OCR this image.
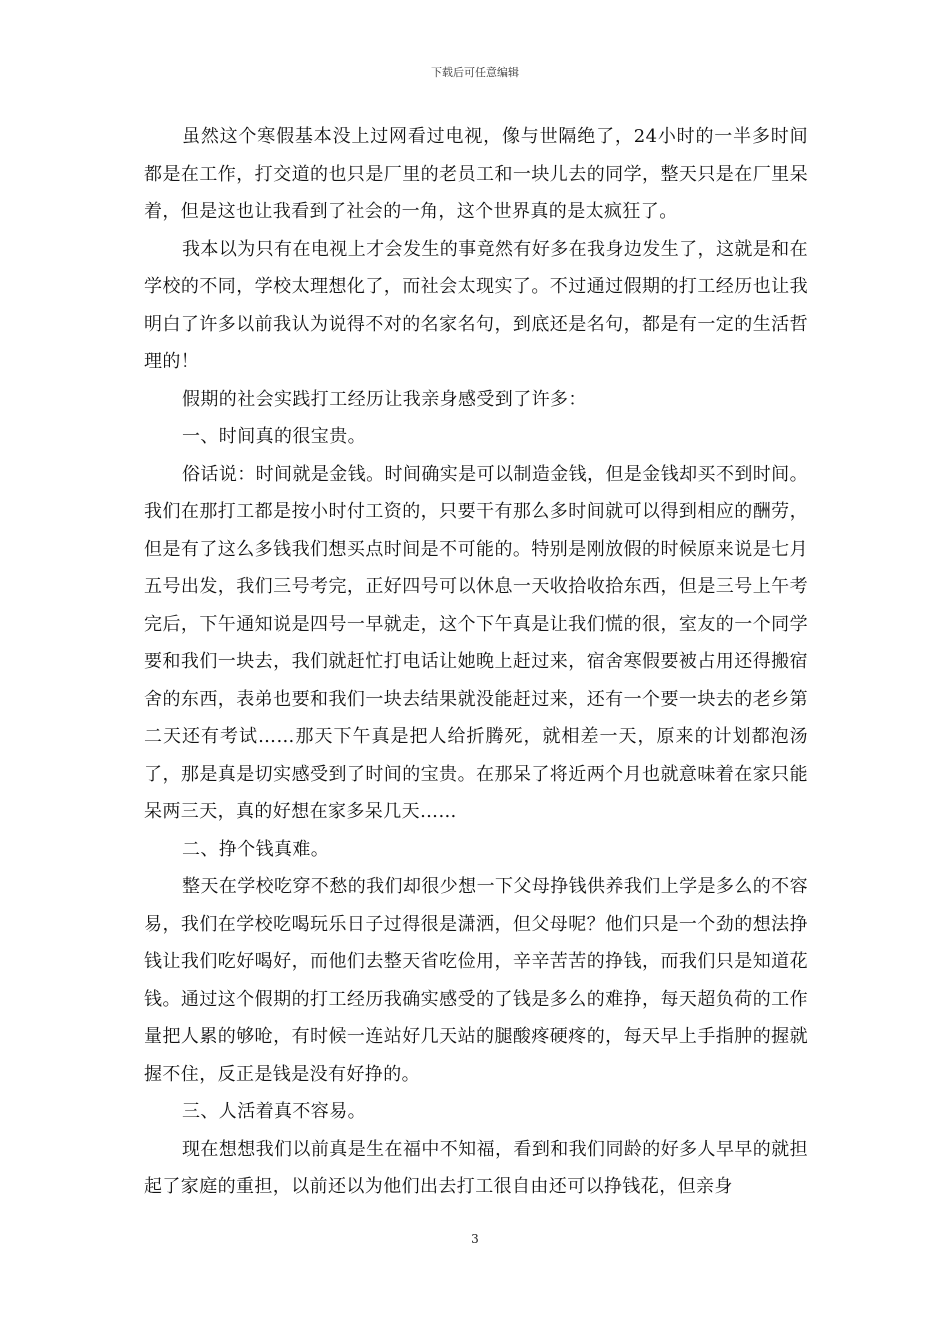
下载后可任意编辑

虽然这个寒假基本没上过网看过电视，像与世隔绝了，24小时的一半多时间都是在工作，打交道的也只是厂里的老员工和一块儿去的同学，整天只是在厂里呆着，但是这也让我看到了社会的一角，这个世界真的是太疯狂了。

我本以为只有在电视上才会发生的事竟然有好多在我身边发生了，这就是和在学校的不同，学校太理想化了，而社会太现实了。不过通过假期的打工经历也让我明白了许多以前我认为说得不对的名家名句，到底还是名句，都是有一定的生活哲理的！

假期的社会实践打工经历让我亲身感受到了许多：

一、时间真的很宝贵。

俗话说：时间就是金钱。时间确实是可以制造金钱，但是金钱却买不到时间。我们在那打工都是按小时付工资的，只要干有那么多时间就可以得到相应的酬劳，但是有了这么多钱我们想买点时间是不可能的。特别是刚放假的时候原来说是七月五号出发，我们三号考完，正好四号可以休息一天收拾收拾东西，但是三号上午考完后，下午通知说是四号一早就走，这个下午真是让我们慌的很，室友的一个同学要和我们一块去，我们就赶忙打电话让她晚上赶过来，宿舍寒假要被占用还得搬宿舍的东西，表弟也要和我们一块去结果就没能赶过来，还有一个要一块去的老乡第二天还有考试……那天下午真是把人给折腾死，就相差一天，原来的计划都泡汤了，那是真是切实感受到了时间的宝贵。在那呆了将近两个月也就意味着在家只能呆两三天，真的好想在家多呆几天……

二、挣个钱真难。

整天在学校吃穿不愁的我们却很少想一下父母挣钱供养我们上学是多么的不容易，我们在学校吃喝玩乐日子过得很是潇洒，但父母呢？他们只是一个劲的想法挣钱让我们吃好喝好，而他们去整天省吃俭用，辛辛苦苦的挣钱，而我们只是知道花钱。通过这个假期的打工经历我确实感受的了钱是多么的难挣，每天超负荷的工作量把人累的够呛，有时候一连站好几天站的腿酸疼硬疼的，每天早上手指肿的握就握不住，反正是钱是没有好挣的。

三、人活着真不容易。

现在想想我们以前真是生在福中不知福，看到和我们同龄的好多人早早的就担起了家庭的重担，以前还以为他们出去打工很自由还可以挣钱花，但亲身

3
